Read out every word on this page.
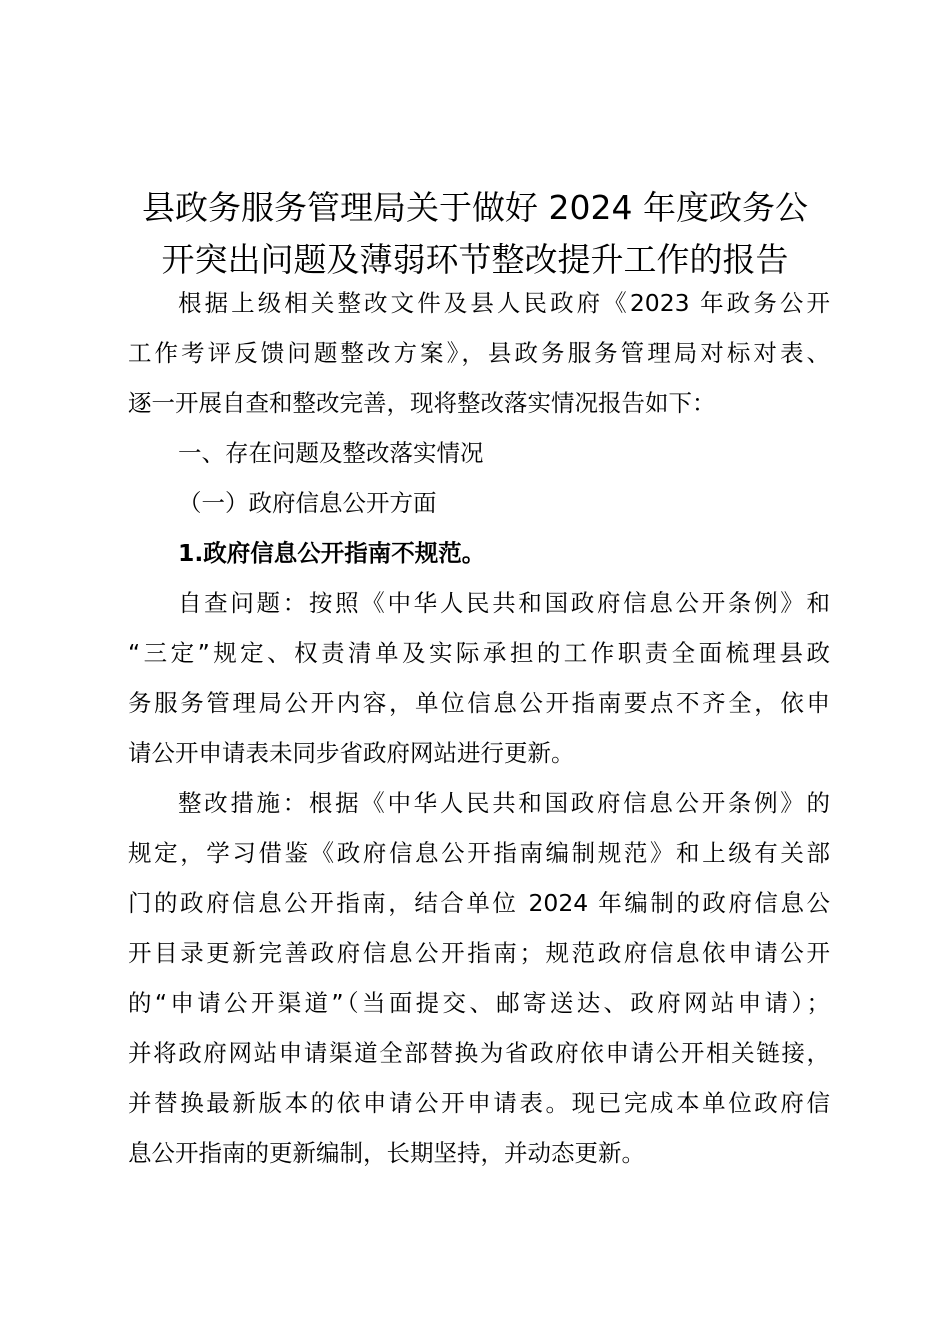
县政务服务管理局关于做好 2024 年度政务公
开突出问题及薄弱环节整改提升工作的报告

根据上级相关整改文件及县人民政府《2023 年政务公开
工作考评反馈问题整改方案》，县政务服务管理局对标对表、
逐一开展自查和整改完善，现将整改落实情况报告如下：

一、存在问题及整改落实情况

（一）政府信息公开方面

1.政府信息公开指南不规范。

自查问题：按照《中华人民共和国政府信息公开条例》和
“三定”规定、权责清单及实际承担的工作职责全面梳理县政
务服务管理局公开内容，单位信息公开指南要点不齐全，依申
请公开申请表未同步省政府网站进行更新。

整改措施：根据《中华人民共和国政府信息公开条例》的
规定，学习借鉴《政府信息公开指南编制规范》和上级有关部
门的政府信息公开指南，结合单位 2024 年编制的政府信息公
开目录更新完善政府信息公开指南；规范政府信息依申请公开
的“申请公开渠道”（当面提交、邮寄送达、政府网站申请）；
并将政府网站申请渠道全部替换为省政府依申请公开相关链接，
并替换最新版本的依申请公开申请表。现已完成本单位政府信
息公开指南的更新编制，长期坚持，并动态更新。
